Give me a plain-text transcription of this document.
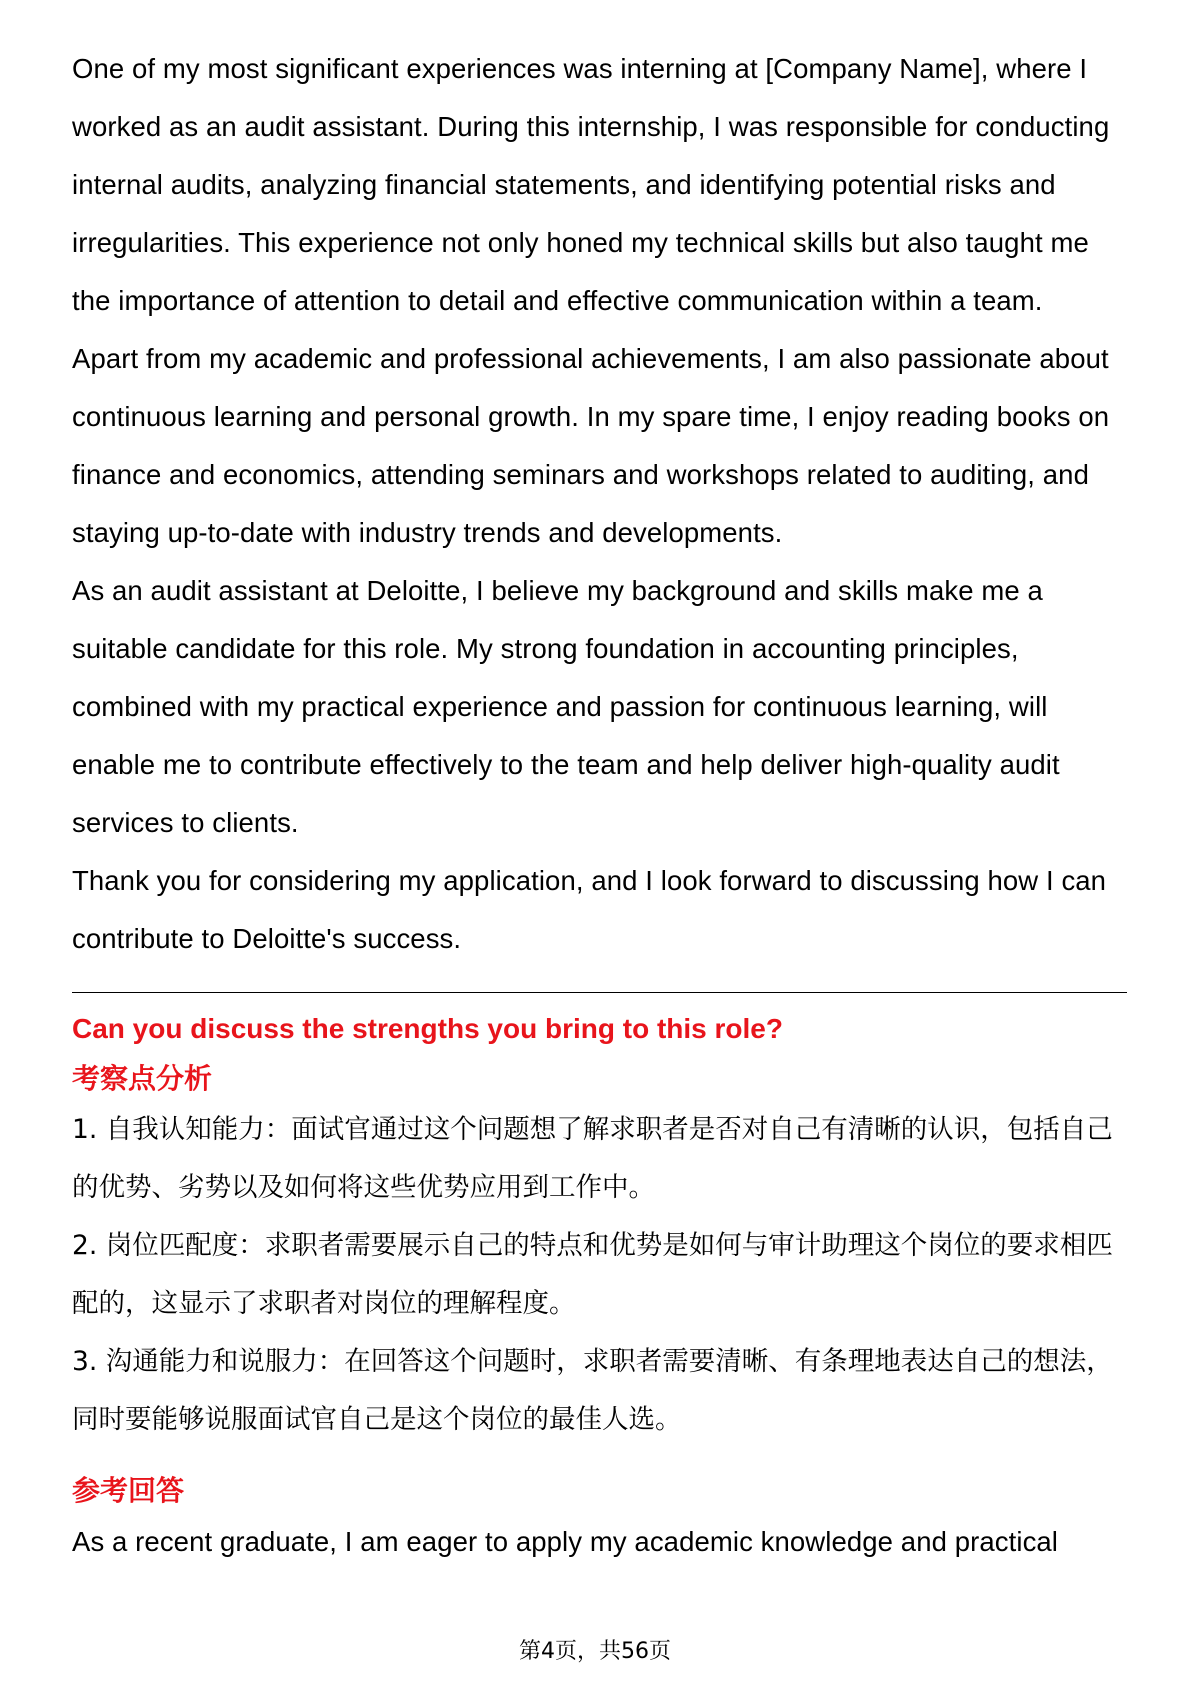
One of my most significant experiences was interning at [Company Name], where I worked as an audit assistant. During this internship, I was responsible for conducting internal audits, analyzing financial statements, and identifying potential risks and irregularities. This experience not only honed my technical skills but also taught me the importance of attention to detail and effective communication within a team.

Apart from my academic and professional achievements, I am also passionate about continuous learning and personal growth. In my spare time, I enjoy reading books on finance and economics, attending seminars and workshops related to auditing, and staying up-to-date with industry trends and developments.

As an audit assistant at Deloitte, I believe my background and skills make me a suitable candidate for this role. My strong foundation in accounting principles, combined with my practical experience and passion for continuous learning, will enable me to contribute effectively to the team and help deliver high-quality audit services to clients.

Thank you for considering my application, and I look forward to discussing how I can contribute to Deloitte's success.

Can you discuss the strengths you bring to this role?
考察点分析

1. 自我认知能力：面试官通过这个问题想了解求职者是否对自己有清晰的认识，包括自己的优势、劣势以及如何将这些优势应用到工作中。

2. 岗位匹配度：求职者需要展示自己的特点和优势是如何与审计助理这个岗位的要求相匹配的，这显示了求职者对岗位的理解程度。

3. 沟通能力和说服力：在回答这个问题时，求职者需要清晰、有条理地表达自己的想法，同时要能够说服面试官自己是这个岗位的最佳人选。

参考回答

As a recent graduate, I am eager to apply my academic knowledge and practical

第4页，共56页
